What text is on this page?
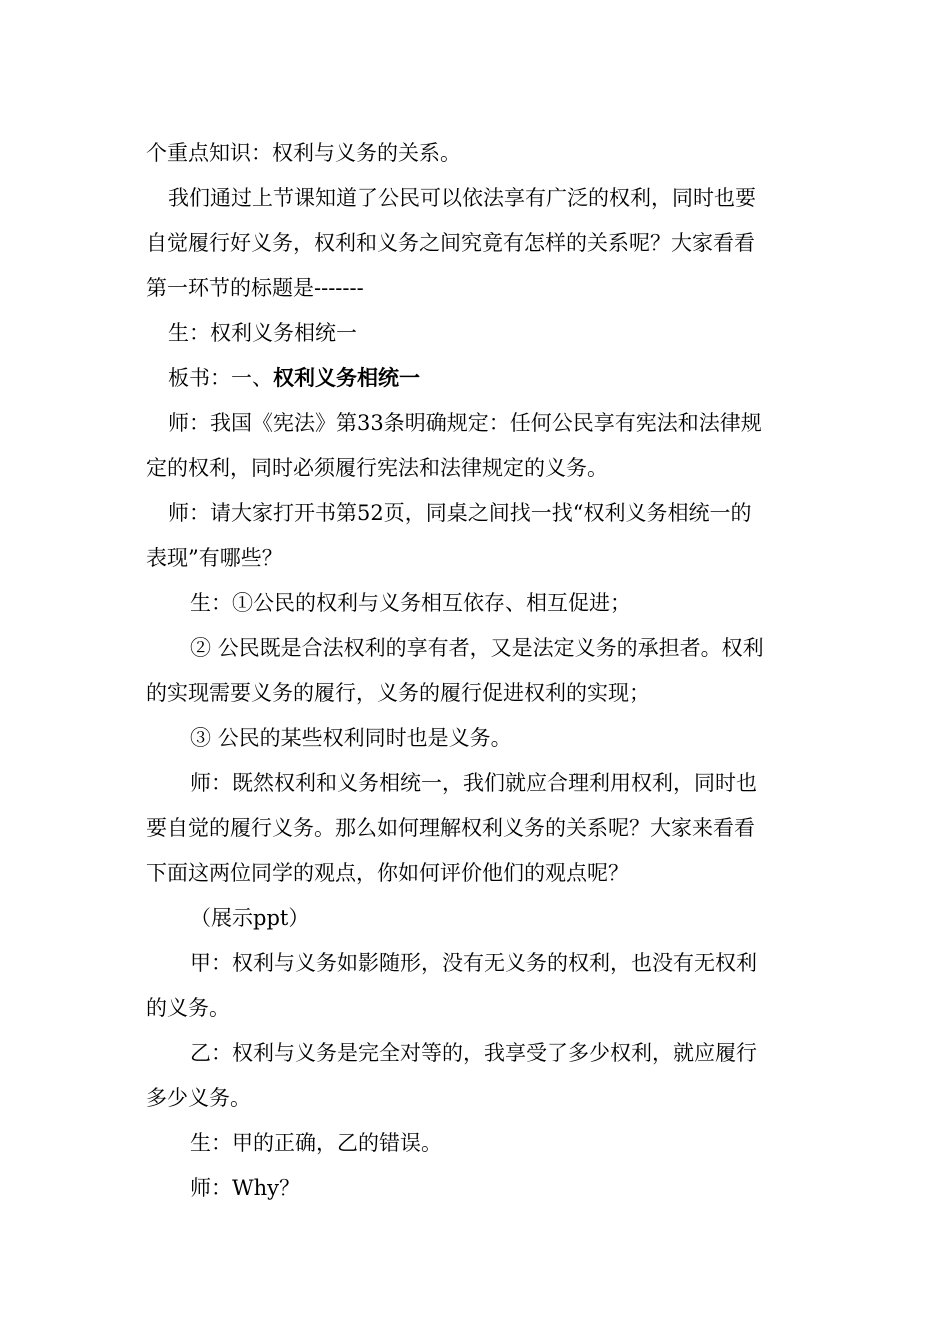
个重点知识：权利与义务的关系。
我们通过上节课知道了公民可以依法享有广泛的权利，同时也要
自觉履行好义务，权利和义务之间究竟有怎样的关系呢？大家看看
第一环节的标题是-------
生：权利义务相统一
板书：一、权利义务相统一
师：我国《宪法》第33条明确规定：任何公民享有宪法和法律规
定的权利，同时必须履行宪法和法律规定的义务。
师：请大家打开书第52页，同桌之间找一找“权利义务相统一的
表现”有哪些？
生：①公民的权利与义务相互依存、相互促进；
② 公民既是合法权利的享有者，又是法定义务的承担者。权利
的实现需要义务的履行，义务的履行促进权利的实现；
③ 公民的某些权利同时也是义务。
师：既然权利和义务相统一，我们就应合理利用权利，同时也
要自觉的履行义务。那么如何理解权利义务的关系呢？大家来看看
下面这两位同学的观点，你如何评价他们的观点呢？
（展示ppt）
甲：权利与义务如影随形，没有无义务的权利，也没有无权利
的义务。
乙：权利与义务是完全对等的，我享受了多少权利，就应履行
多少义务。
生：甲的正确，乙的错误。
师：Why？
